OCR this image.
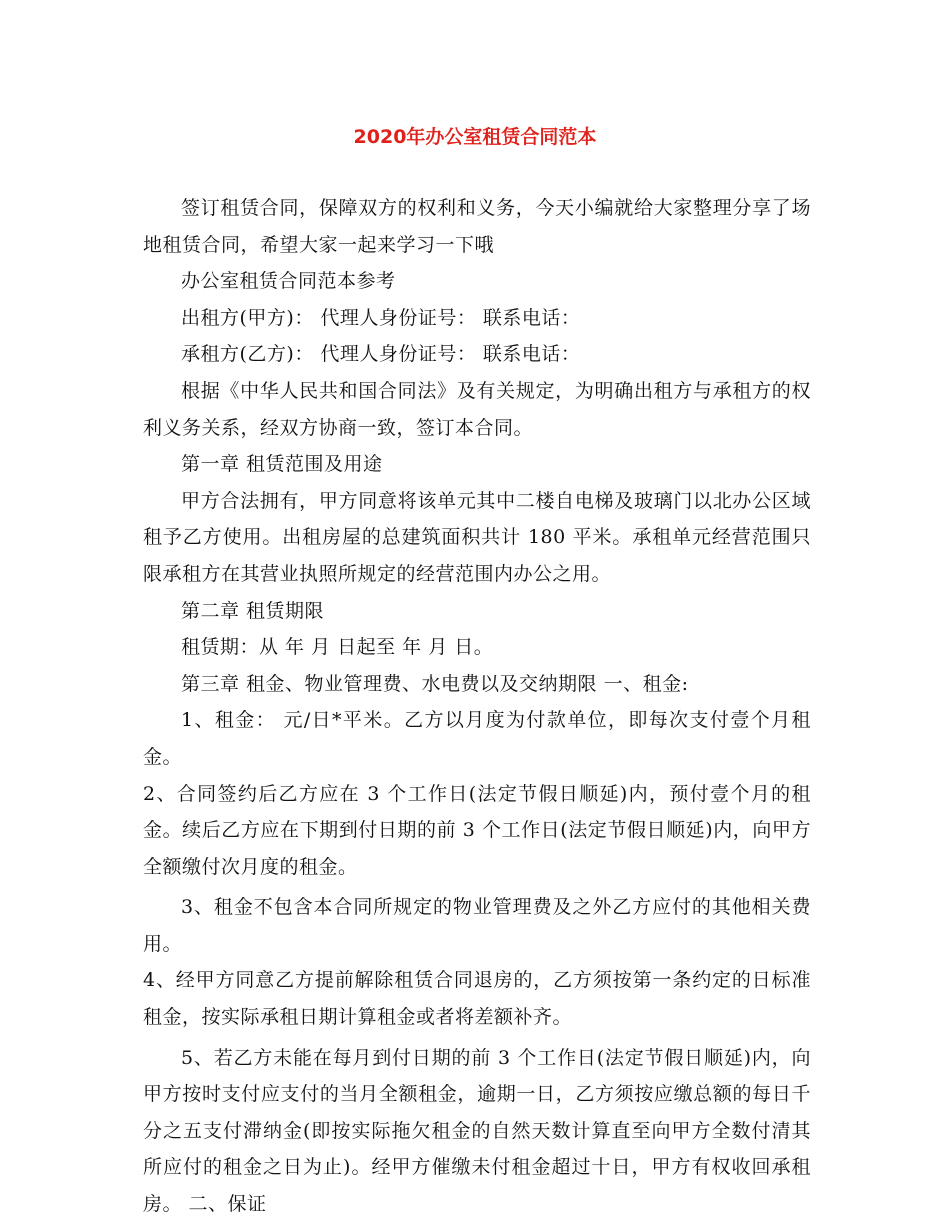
2020年办公室租赁合同范本

签订租赁合同，保障双方的权利和义务，今天小编就给大家整理分享了场地租赁合同，希望大家一起来学习一下哦

办公室租赁合同范本参考

出租方(甲方)： 代理人身份证号： 联系电话：

承租方(乙方)： 代理人身份证号： 联系电话：

根据《中华人民共和国合同法》及有关规定，为明确出租方与承租方的权利义务关系，经双方协商一致，签订本合同。

第一章 租赁范围及用途

甲方合法拥有，甲方同意将该单元其中二楼自电梯及玻璃门以北办公区域租予乙方使用。出租房屋的总建筑面积共计 180 平米。承租单元经营范围只限承租方在其营业执照所规定的经营范围内办公之用。

第二章 租赁期限

租赁期：从 年 月 日起至 年 月 日。

第三章 租金、物业管理费、水电费以及交纳期限 一、租金:

1、租金： 元/日*平米。乙方以月度为付款单位，即每次支付壹个月租金。

2、合同签约后乙方应在 3 个工作日(法定节假日顺延)内，预付壹个月的租金。续后乙方应在下期到付日期的前 3 个工作日(法定节假日顺延)内，向甲方全额缴付次月度的租金。

3、租金不包含本合同所规定的物业管理费及之外乙方应付的其他相关费用。

4、经甲方同意乙方提前解除租赁合同退房的，乙方须按第一条约定的日标准租金，按实际承租日期计算租金或者将差额补齐。

5、若乙方未能在每月到付日期的前 3 个工作日(法定节假日顺延)内，向甲方按时支付应支付的当月全额租金，逾期一日，乙方须按应缴总额的每日千分之五支付滞纳金(即按实际拖欠租金的自然天数计算直至向甲方全数付清其所应付的租金之日为止)。经甲方催缴未付租金超过十日，甲方有权收回承租房。 二、保证
